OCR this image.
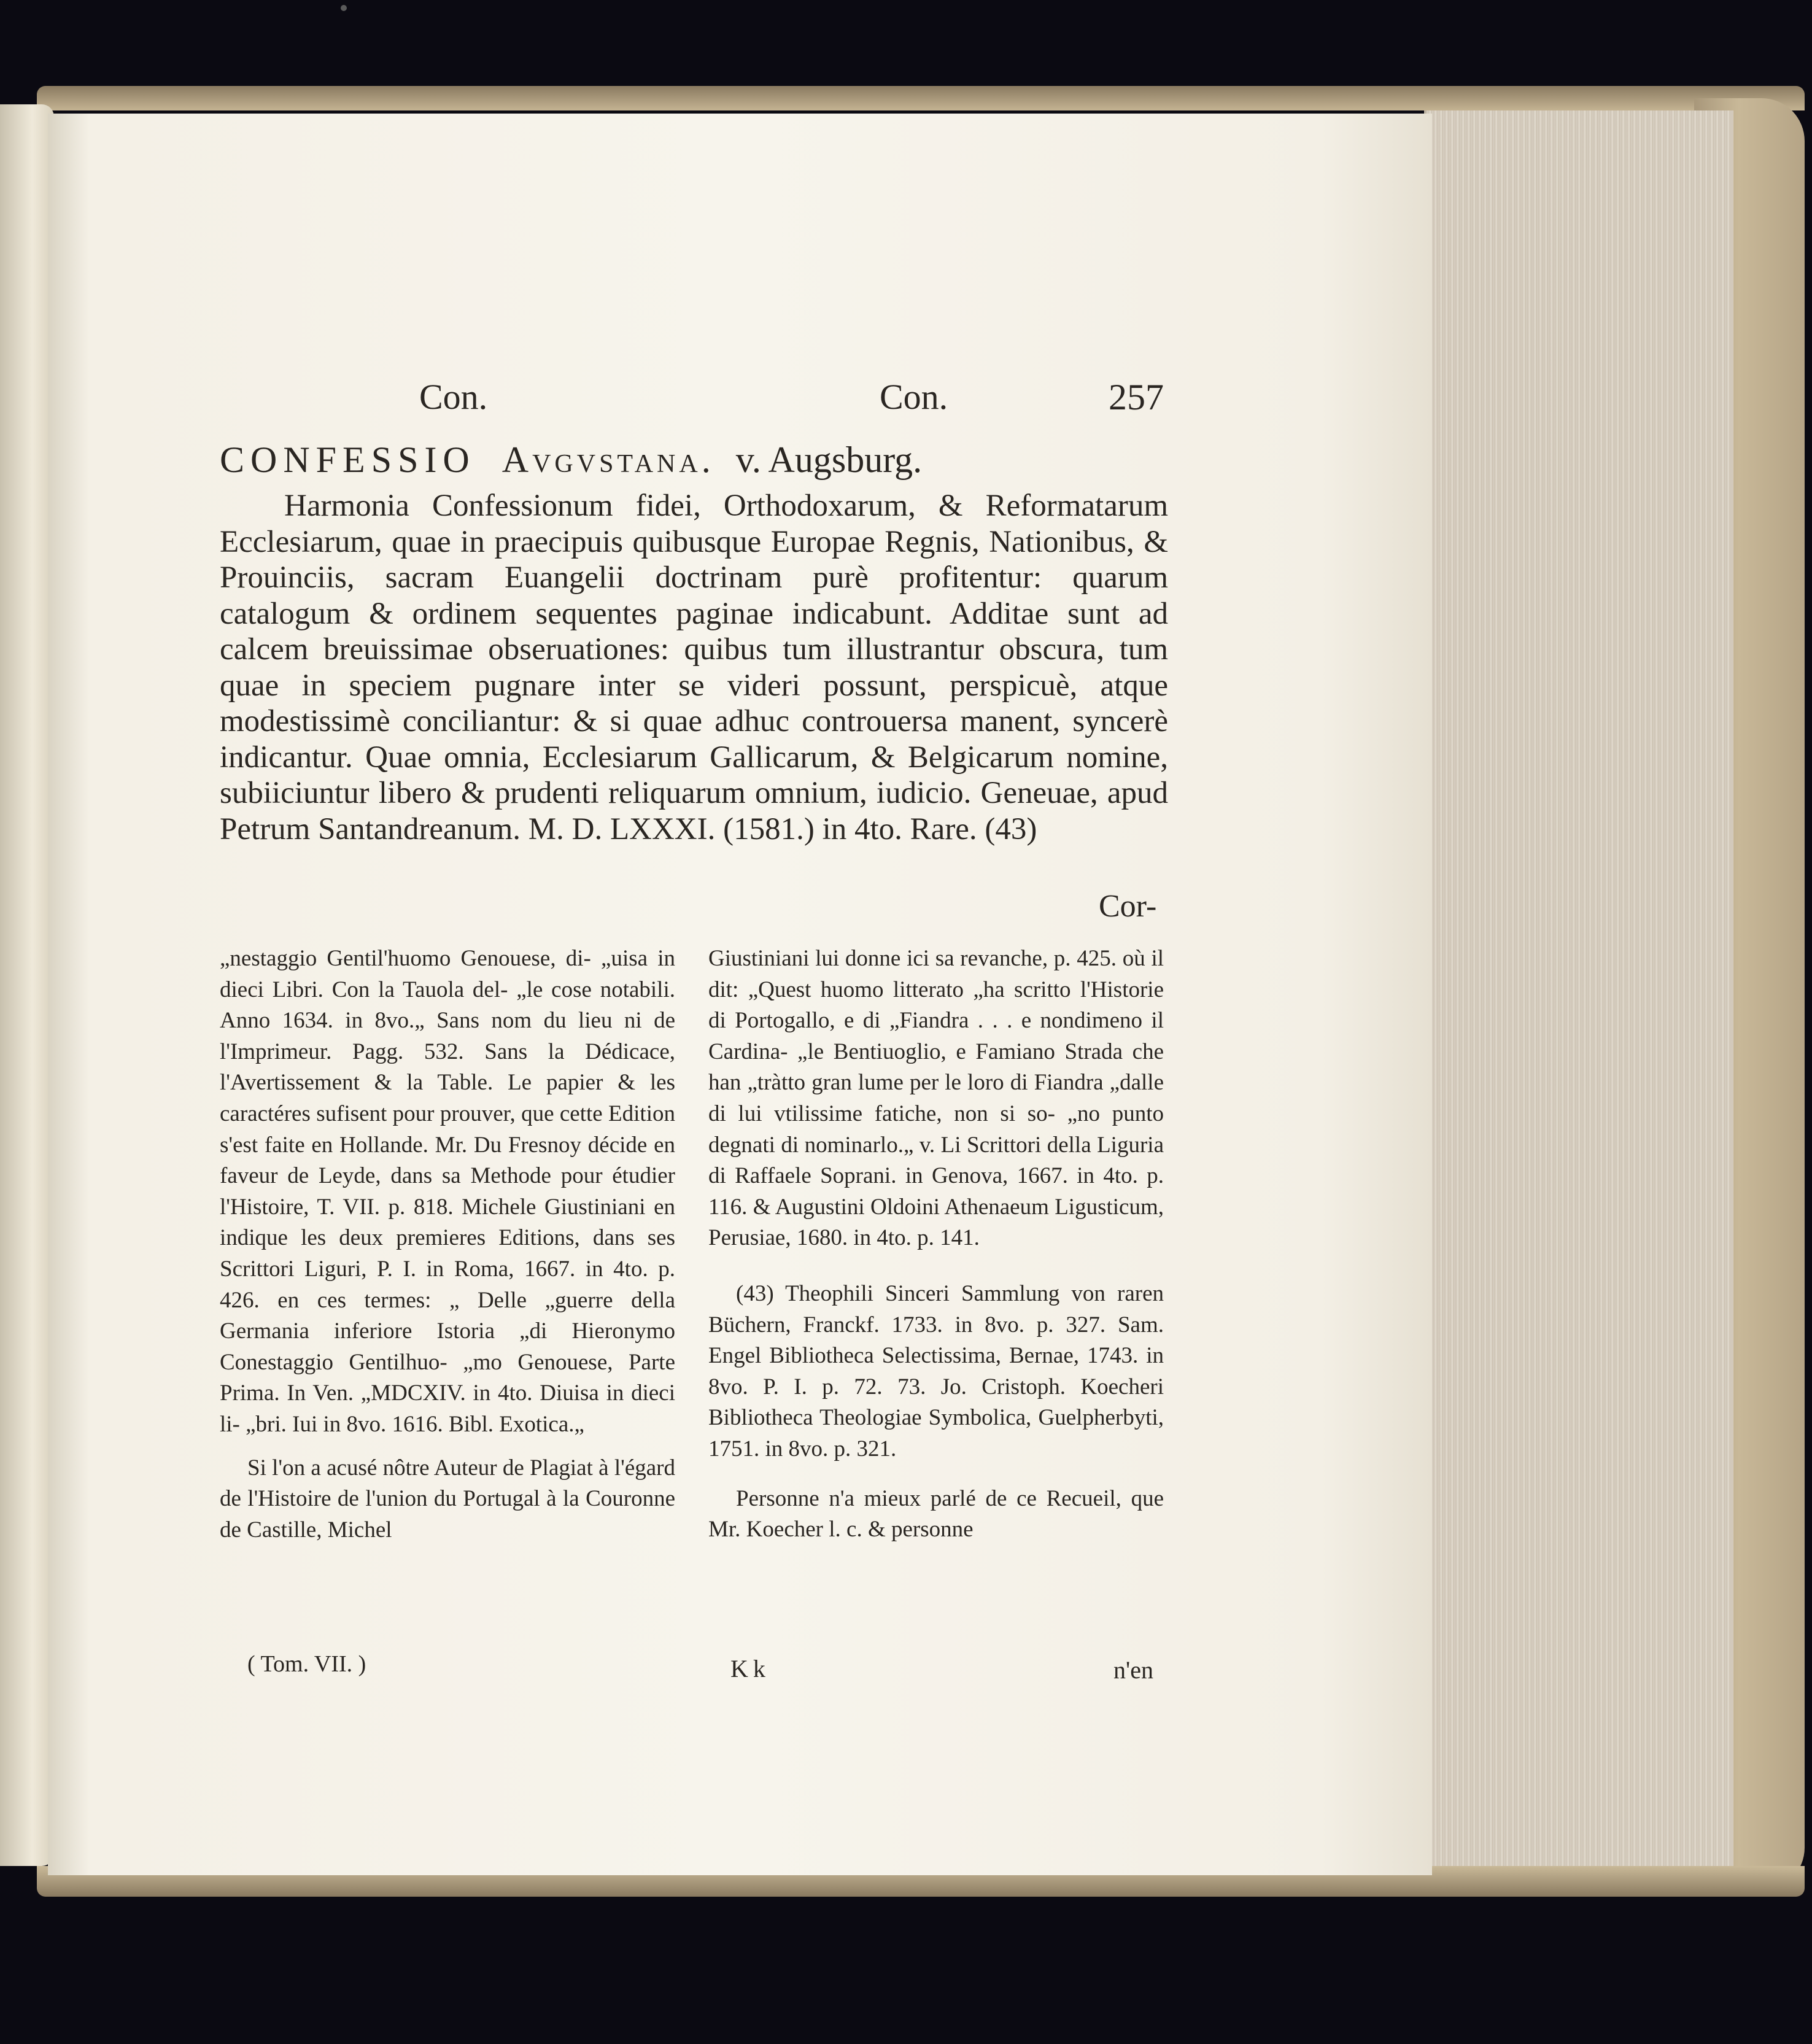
Con.	Con.	257
CONFESSIO Avgvstana. v. Augsburg.
Harmonia Confessionum fidei, Orthodoxarum, & Reformatarum Ecclesiarum, quae in praecipuis quibusque Europae Regnis, Nationibus, & Prouinciis, sacram Euangelii doctrinam purè profitentur: quarum catalogum & ordinem sequentes paginae indicabunt. Additae sunt ad calcem breuissimae obseruationes: quibus tum illustrantur obscura, tum quae in speciem pugnare inter se videri possunt, perspicuè, atque modestissimè conciliantur: & si quae adhuc controuersa manent, syncerè indicantur. Quae omnia, Ecclesiarum Gallicarum, & Belgicarum nomine, subiiciuntur libero & prudenti reliquarum omnium, iudicio. Geneuae, apud Petrum Santandreanum. M. D. LXXXI. (1581.) in 4to. Rare. (43)
Cor-

„nestaggio Gentil'huomo Genouese, di- „uisa in dieci Libri. Con la Tauola del- „le cose notabili. Anno 1634. in 8vo.„ Sans nom du lieu ni de l'Imprimeur. Pagg. 532. Sans la Dédicace, l'Avertissement & la Table. Le papier & les caractéres sufisent pour prouver, que cette Edition s'est faite en Hollande. Mr. Du Fresnoy décide en faveur de Leyde, dans sa Methode pour étudier l'Histoire, T. VII. p. 818. Michele Giustiniani en indique les deux premieres Editions, dans ses Scrittori Liguri, P. I. in Roma, 1667. in 4to. p. 426. en ces termes: „ Delle „guerre della Germania inferiore Istoria „di Hieronymo Conestaggio Gentilhuo- „mo Genouese, Parte Prima. In Ven. „MDCXIV. in 4to. Diuisa in dieci li- „bri. Iui in 8vo. 1616. Bibl. Exotica.„

Si l'on a acusé nôtre Auteur de Plagiat à l'égard de l'Histoire de l'union du Portugal à la Couronne de Castille, Michel

Giustiniani lui donne ici sa revanche, p. 425. où il dit: „Quest huomo litterato „ha scritto l'Historie di Portogallo, e di „Fiandra . . . e nondimeno il Cardina- „le Bentiuoglio, e Famiano Strada che han „tràtto gran lume per le loro di Fiandra „dalle di lui vtilissime fatiche, non si so- „no punto degnati di nominarlo.„ v. Li Scrittori della Liguria di Raffaele Soprani. in Genova, 1667. in 4to. p. 116. & Augustini Oldoini Athenaeum Ligusticum, Perusiae, 1680. in 4to. p. 141.

(43) Theophili Sinceri Sammlung von raren Büchern, Franckf. 1733. in 8vo. p. 327. Sam. Engel Bibliotheca Selectissima, Bernae, 1743. in 8vo. P. I. p. 72. 73. Jo. Cristoph. Koecheri Bibliotheca Theologiae Symbolica, Guelpherbyti, 1751. in 8vo. p. 321.

Personne n'a mieux parlé de ce Recueil, que Mr. Koecher l. c. & personne

( Tom. VII. )	Kk	n'en
